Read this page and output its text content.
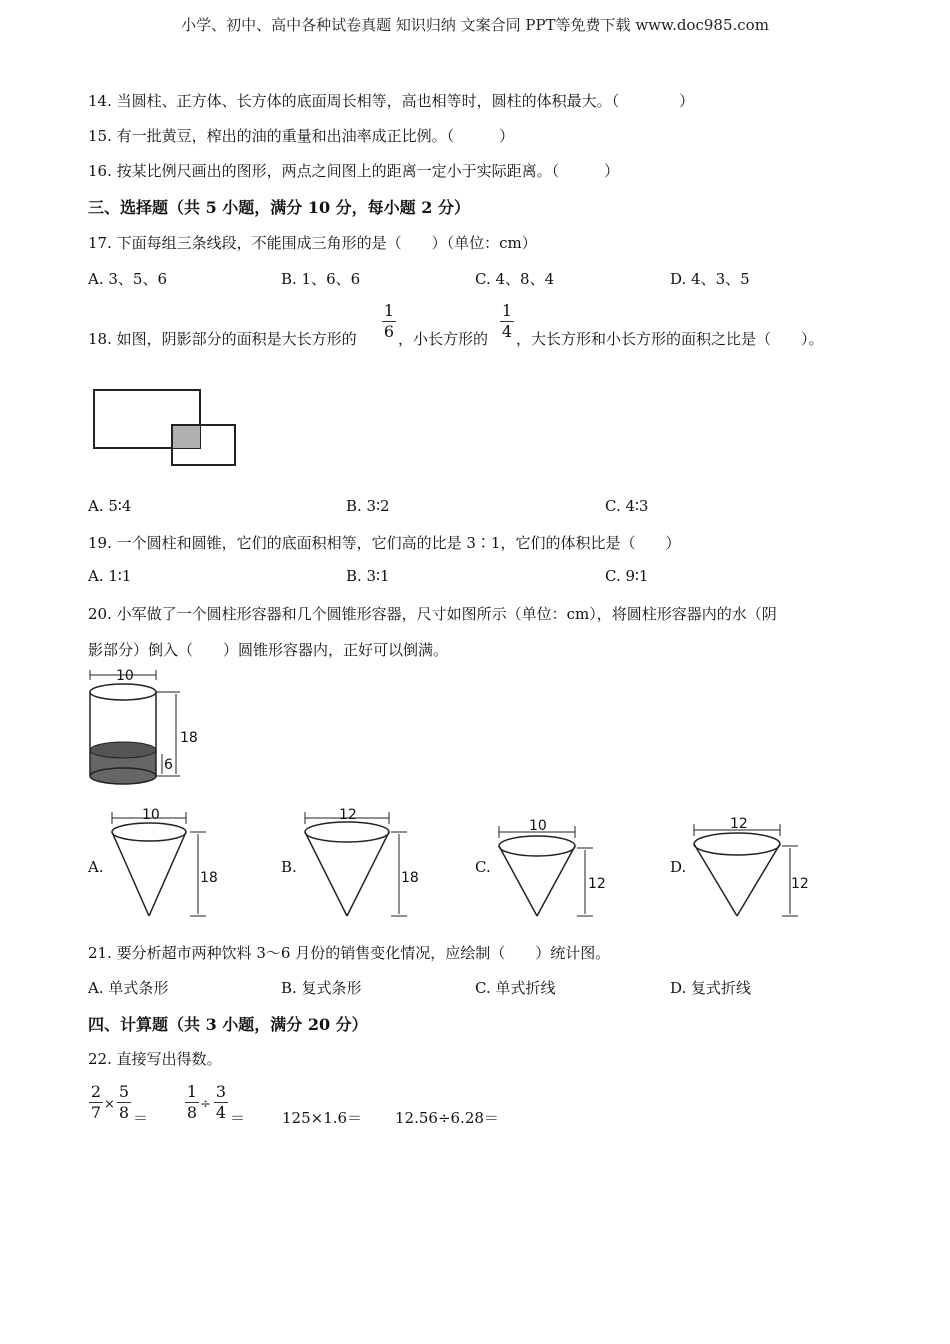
小学、初中、高中各种试卷真题 知识归纳 文案合同 PPT等免费下载 www.doc985.com
14. 当圆柱、正方体、长方体的底面周长相等，高也相等时，圆柱的体积最大。（　　　　）
15. 有一批黄豆，榨出的油的重量和出油率成正比例。（　　　）
16. 按某比例尺画出的图形，两点之间图上的距离一定小于实际距离。（　　　）
三、选择题（共 5 小题，满分 10 分，每小题 2 分）
17. 下面每组三条线段，不能围成三角形的是（　　）（单位：cm）
A. 3、5、6	B. 1、6、6	C. 4、8、4	D. 4、3、5
18. 如图，阴影部分的面积是大长方形的
1
6 ，小长方形的
1
4 ，大长方形和小长方形的面积之比是（　　）。
A. 5∶4	B. 3∶2	C. 4∶3
19. 一个圆柱和圆锥，它们的底面积相等，它们高的比是 3∶1，它们的体积比是（　　）
A. 1∶1	B. 3∶1	C. 9∶1
20. 小军做了一个圆柱形容器和几个圆锥形容器，尺寸如图所示（单位：cm），将圆柱形容器内的水（阴
影部分）倒入（　　）圆锥形容器内，正好可以倒满。
10
18
6
A.
10
18
B.
12
18
C.
10
12
D.
12
12
21. 要分析超市两种饮料 3～6 月份的销售变化情况，应绘制（　　）统计图。
A. 单式条形	B. 复式条形	C. 单式折线	D. 复式折线
四、计算题（共 3 小题，满分 20 分）
22. 直接写出得数。
2
7 ×
5
8 ＝
1
8 ÷
3
4 ＝ 125×1.6＝ 12.56÷6.28＝
